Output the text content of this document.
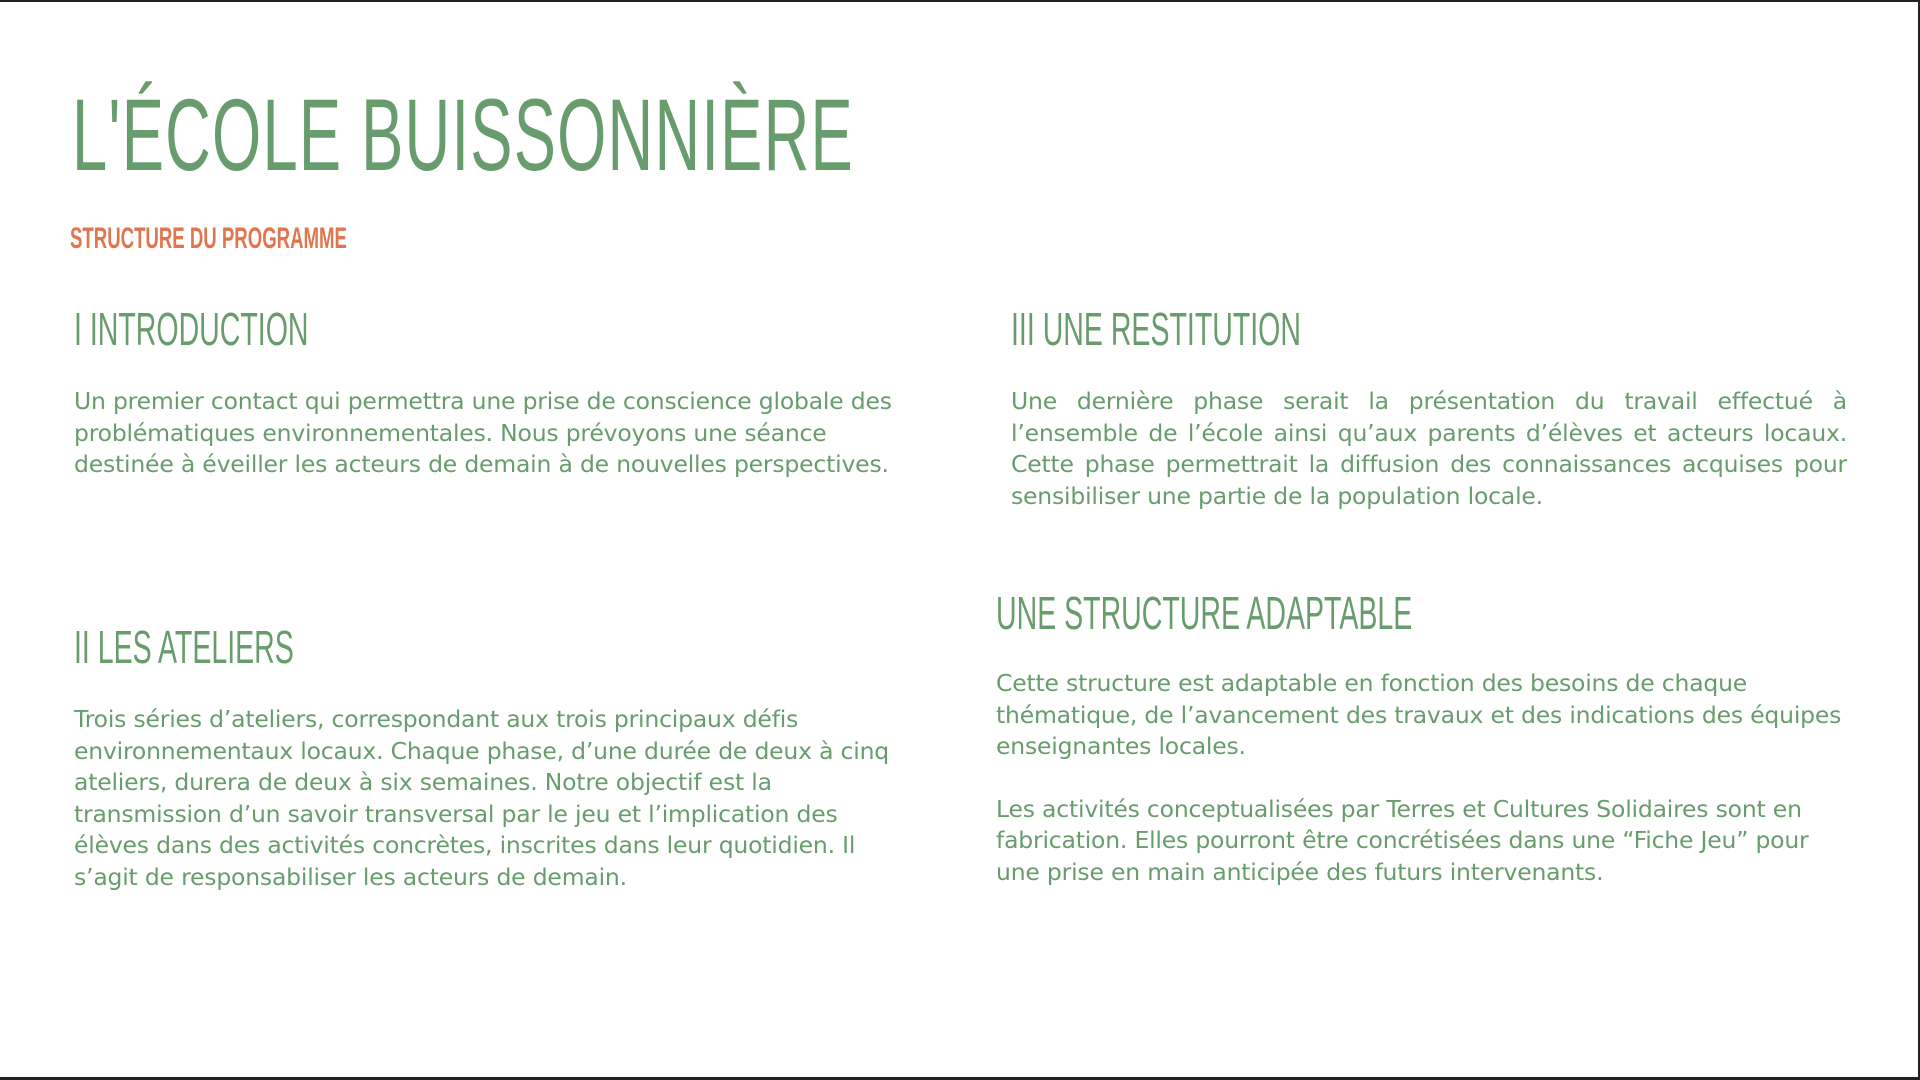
L'ÉCOLE BUISSONNIÈRE
STRUCTURE DU PROGRAMME
I INTRODUCTION

Un premier contact qui permettra une prise de conscience globale des problématiques environnementales. Nous prévoyons une séance destinée à éveiller les acteurs de demain à de nouvelles perspectives.

II LES ATELIERS

Trois séries d’ateliers, correspondant aux trois principaux défis environnementaux locaux. Chaque phase, d’une durée de deux à cinq ateliers, durera de deux à six semaines. Notre objectif est la transmission d’un savoir transversal par le jeu et l’implication des élèves dans des activités concrètes, inscrites dans leur quotidien. Il s’agit de responsabiliser les acteurs de demain.

III UNE RESTITUTION

Une dernière phase serait la présentation du travail effectué à l’ensemble de l’école ainsi qu’aux parents d’élèves et acteurs locaux. Cette phase permettrait la diffusion des connaissances acquises pour sensibiliser une partie de la population locale.

UNE STRUCTURE ADAPTABLE

Cette structure est adaptable en fonction des besoins de chaque thématique, de l’avancement des travaux et des indications des équipes enseignantes locales.

Les activités conceptualisées par Terres et Cultures Solidaires sont en fabrication. Elles pourront être concrétisées dans une “Fiche Jeu” pour une prise en main anticipée des futurs intervenants.
